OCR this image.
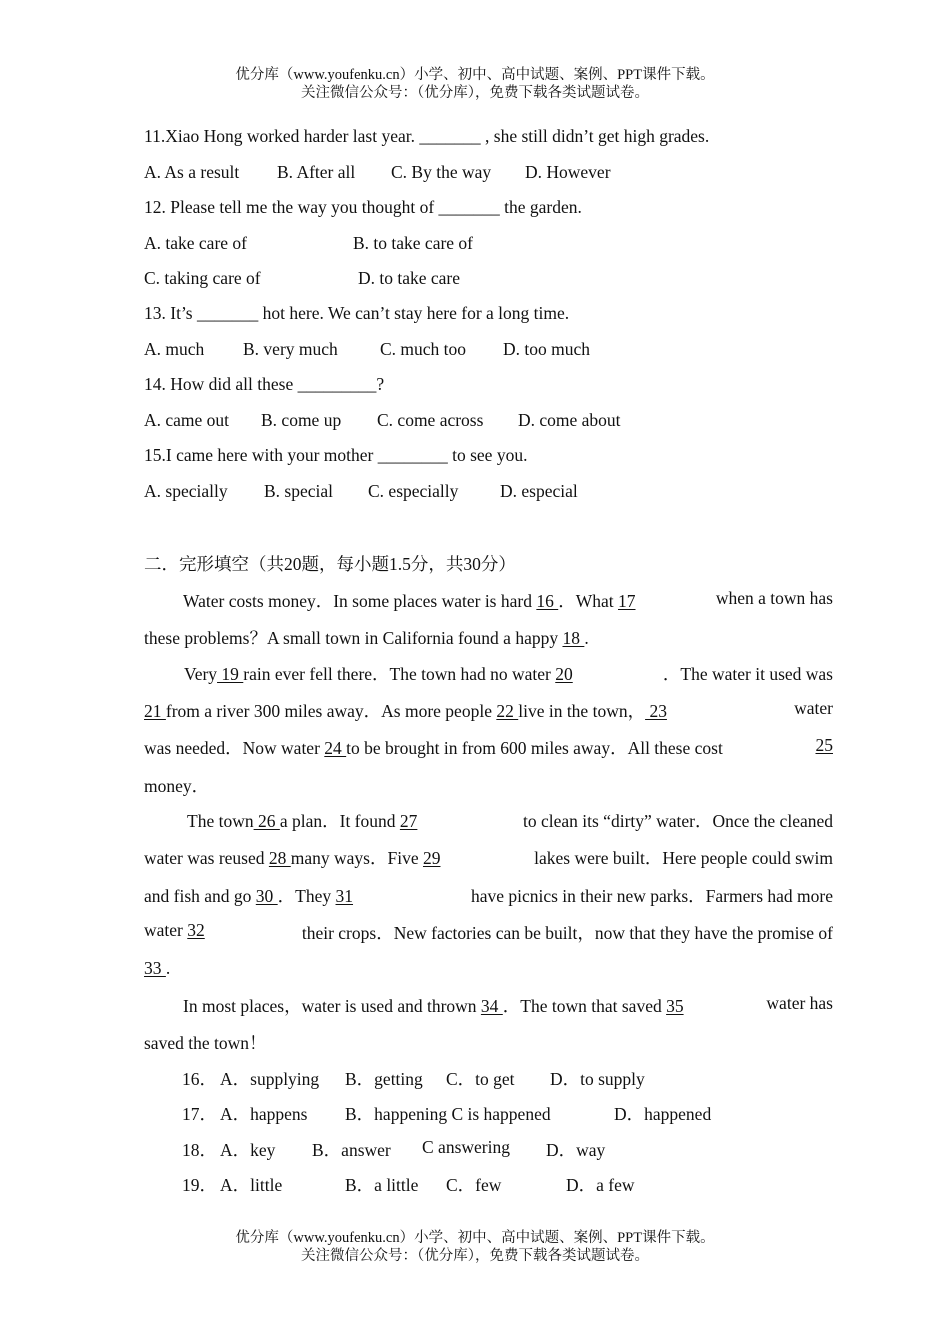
优分库（www.youfenku.cn）小学、初中、高中试题、案例、PPT课件下载。
关注微信公众号：（优分库），免费下载各类试题试卷。
11.Xiao Hong worked harder last year. _______ , she still didn’t get high grades.
A. As a result B. After all C. By the way D. However
12. Please tell me the way you thought of _______ the garden.
A. take care of	B. to take care of
C. taking care of	D. to take care
13. It’s _______ hot here. We can’t stay here for a long time.
A. much B. very much C. much too D. too much
14. How did all these _________?
A. came out B. come up C. come across D. come about
15.I came here with your mother ________ to see you.
A. specially B. special C. especially D. especial
二．完形填空（共20题，每小题1.5分，共30分）
Water costs money．In some places water is hard 16 ．What 17	when a town has
these problems？A small town in California found a happy 18 .
Very 19 rain ever fell there．The town had no water 20	．The water it used was
21 from a river 300 miles away．As more people 22 live in the town， 23	water
was needed．Now water 24 to be brought in from 600 miles away．All these cost	25
money．
The town 26 a plan．It found 27	to clean its “dirty” water．Once the cleaned
water was reused 28 many ways．Five 29	lakes were built．Here people could swim
and fish and go 30 ．They 31	have picnics in their new parks．Farmers had more
water 32	their crops．New factories can be built，now that they have the promise of
33 .
In most places，water is used and thrown 34 ．The town that saved 35	water has
saved the town！
16． A．supplying B．getting C．to get D．to supply
17． A．happens B．happening C is happened	D．happened
18． A．key B．answer C answering D．way
19． A．little	B．a little C．few	D．a few
优分库（www.youfenku.cn）小学、初中、高中试题、案例、PPT课件下载。
关注微信公众号：（优分库），免费下载各类试题试卷。
